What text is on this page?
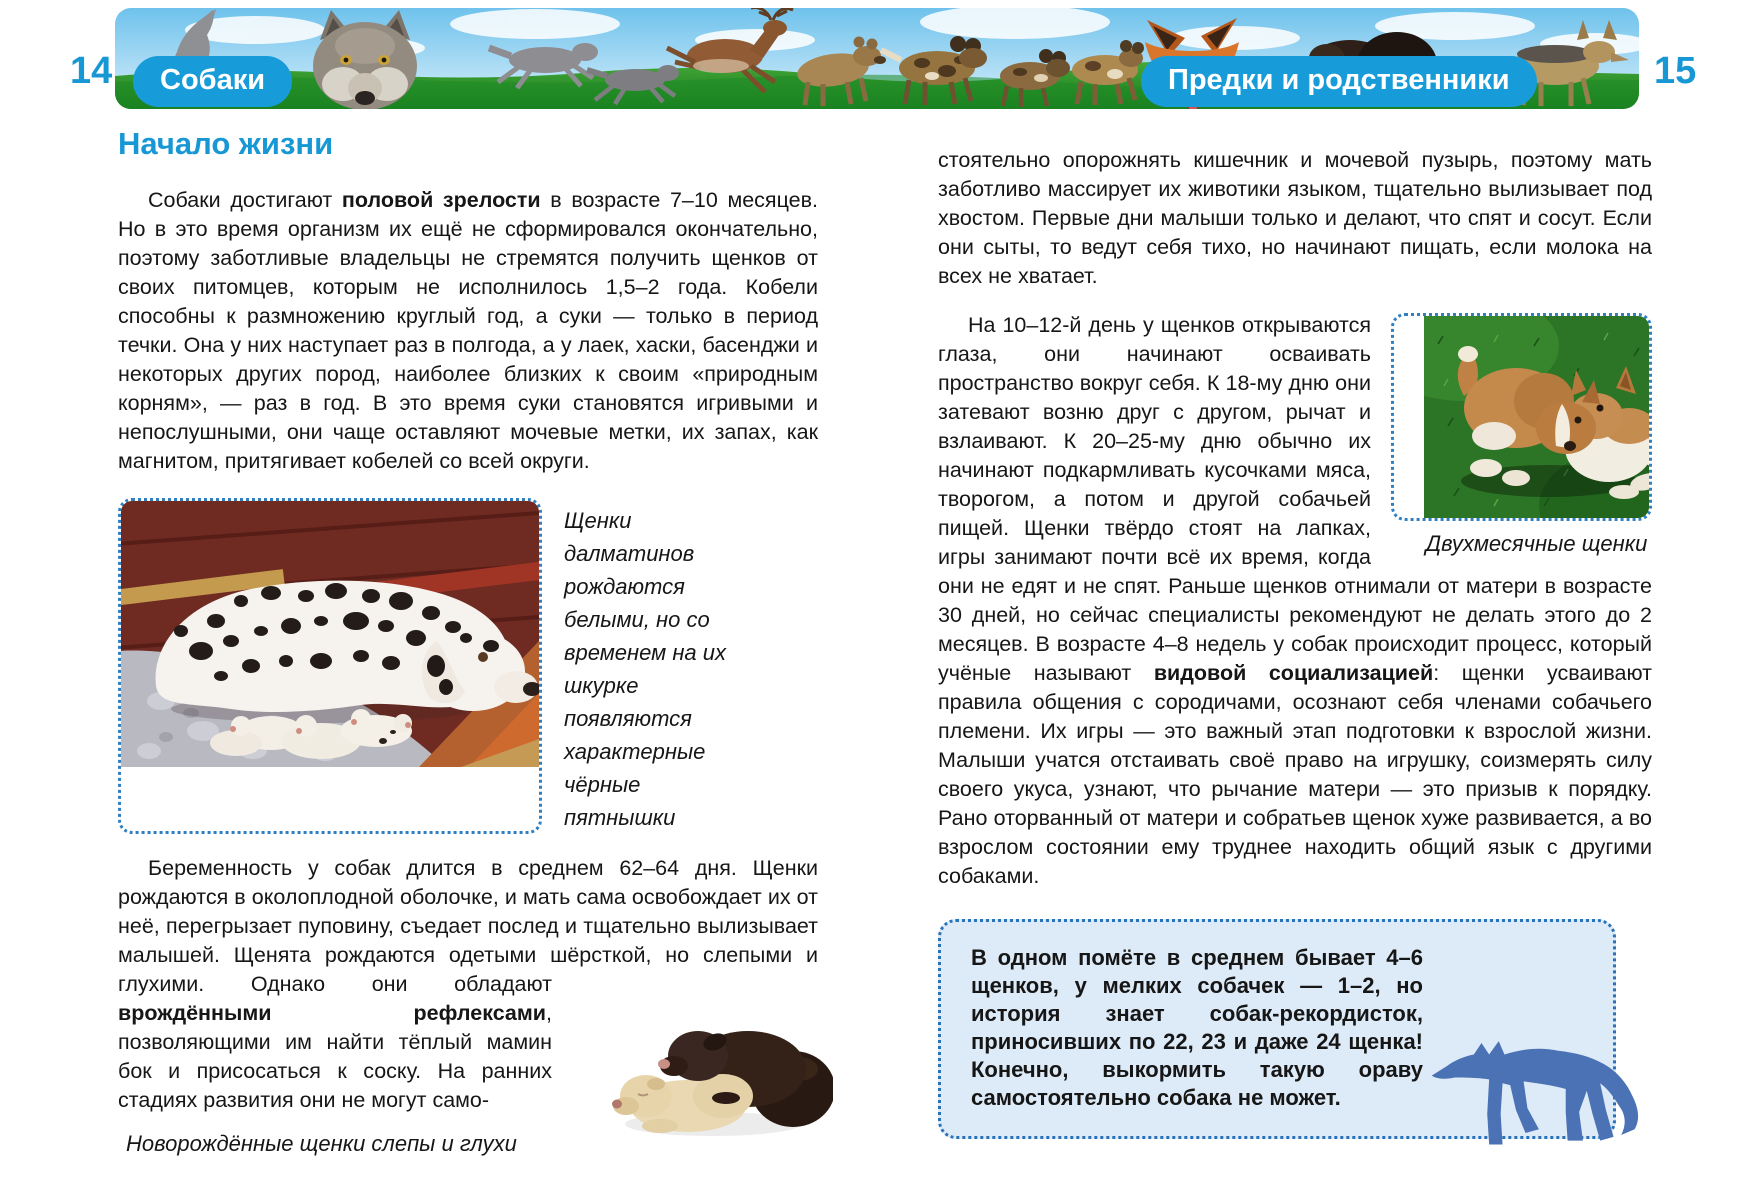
14	15
Собаки	Предки и родственники
Начало жизни

Собаки достигают половой зрелости в возрасте 7–10 месяцев. Но в это время организм их ещё не сформировался окончательно, поэтому заботливые владельцы не стремятся получить щенков от своих питомцев, которым не исполнилось 1,5–2 года. Кобели способны к размножению круглый год, а суки — только в период течки. Она у них наступает раз в полгода, а у лаек, хаски, басенджи и некоторых других пород, наиболее близких к своим «природным корням», — раз в год. В это время суки становятся игривыми и непослушными, они чаще оставляют мочевые метки, их запах, как магнитом, притягивает кобелей со всей округи.

Щенки далматинов рождаются белыми, но со временем на их шкурке появляются характерные чёрные пятнышки

Беременность у собак длится в среднем 62–64 дня. Щенки рождаются в околоплодной оболочке, и мать сама освобождает их от неё, перегрызает пуповину, съедает послед и тщательно вылизывает малышей. Щенята рождаются одетыми шёрсткой, но слепыми и глухими. Однако они обладают
врождёнными рефлексами, позволяющими им найти тёплый мамин бок и присосаться к соску. На ранних стадиях развития они не могут само-

Новорождённые щенки слепы и глухи

стоятельно опорожнять кишечник и мочевой пузырь, поэтому мать заботливо массирует их животики языком, тщательно вылизывает под хвостом. Первые дни малыши только и делают, что спят и сосут. Если они сыты, то ведут себя тихо, но начинают пищать, если молока на всех не хватает.

Двухмесячные щенки
На 10–12-й день у щенков открываются глаза, они начинают осваивать пространство вокруг себя. К 18-му дню они затевают возню друг с другом, рычат и взлаивают. К 20–25-му дню обычно их начинают подкармливать кусочками мяса, творогом, а потом и другой собачьей пищей. Щенки твёрдо стоят на лапках, игры занимают почти всё их время, когда они не едят и не спят. Раньше щенков отнимали от матери в возрасте 30 дней, но сейчас специалисты рекомендуют не делать этого до 2 месяцев. В возрасте 4–8 недель у собак происходит процесс, который учёные называют видовой социализацией: щенки усваивают правила общения с сородичами, осознают себя членами собачьего племени. Их игры — это важный этап подготовки к взрослой жизни. Малыши учатся отстаивать своё право на игрушку, соизмерять силу своего укуса, узнают, что рычание матери — это призыв к порядку. Рано оторванный от матери и собратьев щенок хуже развивается, а во взрослом состоянии ему труднее находить общий язык с другими собаками.

В одном помёте в среднем бывает 4–6 щенков, у мелких собачек — 1–2, но история знает собак-рекордисток, приносивших по 22, 23 и даже 24 щенка! Конечно, выкормить такую ораву самостоятельно собака не может.
